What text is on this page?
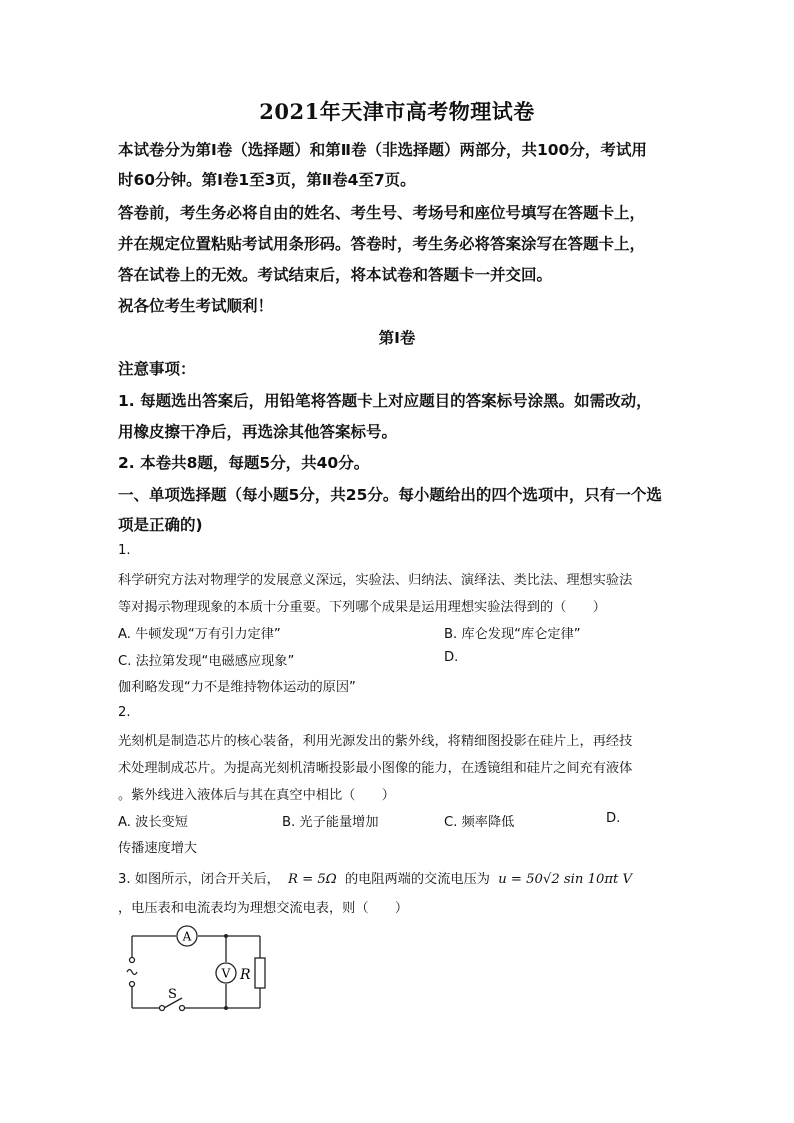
2021年天津市高考物理试卷
本试卷分为第Ⅰ卷（选择题）和第Ⅱ卷（非选择题）两部分，共100分，考试用
时60分钟。第Ⅰ卷1至3页，第Ⅱ卷4至7页。
答卷前，考生务必将自由的姓名、考生号、考场号和座位号填写在答题卡上，
并在规定位置粘贴考试用条形码。答卷时，考生务必将答案涂写在答题卡上，
答在试卷上的无效。考试结束后，将本试卷和答题卡一并交回。
祝各位考生考试顺利！
第Ⅰ卷
注意事项：
1. 每题选出答案后，用铅笔将答题卡上对应题目的答案标号涂黑。如需改动，
用橡皮擦干净后，再选涂其他答案标号。
2. 本卷共8题，每题5分，共40分。
一、单项选择题（每小题5分，共25分。每小题给出的四个选项中，只有一个选
项是正确的)
1.
科学研究方法对物理学的发展意义深远，实验法、归纳法、演绎法、类比法、理想实验法
等对揭示物理现象的本质十分重要。下列哪个成果是运用理想实验法得到的（　　）
A. 牛顿发现“万有引力定律”	B. 库仑发现“库仑定律”
C. 法拉第发现“电磁感应现象”	D.
伽利略发现“力不是维持物体运动的原因”
2.
光刻机是制造芯片的核心装备，利用光源发出的紫外线，将精细图投影在硅片上，再经技
术处理制成芯片。为提高光刻机清晰投影最小图像的能力，在透镜组和硅片之间充有液体
。紫外线进入液体后与其在真空中相比（　　）
A. 波长变短	B. 光子能量增加	C. 频率降低	D.
传播速度增大
3. 如图所示，闭合开关后， R = 5Ω 的电阻两端的交流电压为 u = 50√2 sin 10πt V
，电压表和电流表均为理想交流电表，则（　　）
A
V R
S
